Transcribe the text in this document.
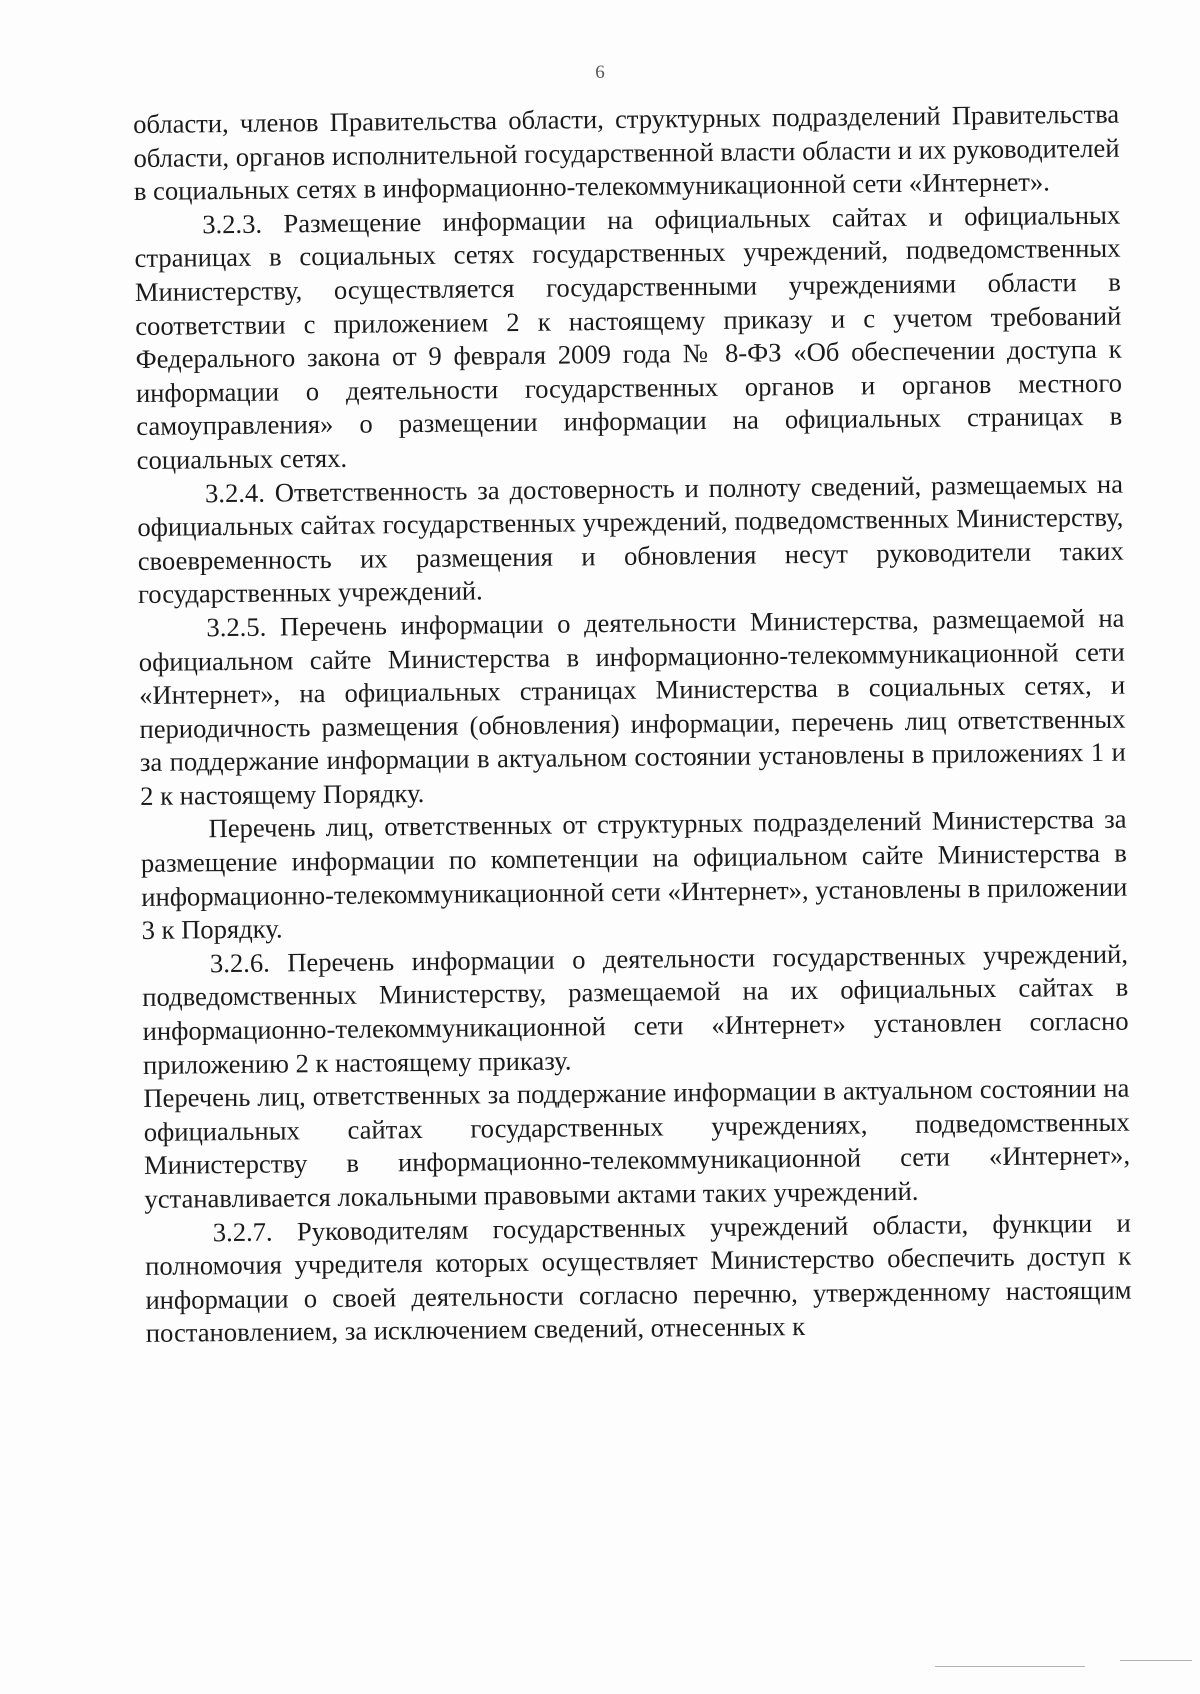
6

области, членов Правительства области, структурных подразделений Правительства области, органов исполнительной государственной власти области и их руководителей в социальных сетях в информационно-телекоммуникационной сети «Интернет».

3.2.3. Размещение информации на официальных сайтах и официальных страницах в социальных сетях государственных учреждений, подведомственных Министерству, осуществляется государственными учреждениями области в соответствии с приложением 2 к настоящему приказу и с учетом требований Федерального закона от 9 февраля 2009 года № 8-ФЗ «Об обеспечении доступа к информации о деятельности государственных органов и органов местного самоуправления» о размещении информации на официальных страницах в социальных сетях.

3.2.4. Ответственность за достоверность и полноту сведений, размещаемых на официальных сайтах государственных учреждений, подведомственных Министерству, своевременность их размещения и обновления несут руководители таких государственных учреждений.

3.2.5. Перечень информации о деятельности Министерства, размещаемой на официальном сайте Министерства в информационно-телекоммуникационной сети «Интернет», на официальных страницах Министерства в социальных сетях, и периодичность размещения (обновления) информации, перечень лиц ответственных за поддержание информации в актуальном состоянии установлены в приложениях 1 и 2 к настоящему Порядку.

Перечень лиц, ответственных от структурных подразделений Министерства за размещение информации по компетенции на официальном сайте Министерства в информационно-телекоммуникационной сети «Интернет», установлены в приложении 3 к Порядку.

3.2.6. Перечень информации о деятельности государственных учреждений, подведомственных Министерству, размещаемой на их официальных сайтах в информационно-телекоммуникационной сети «Интернет» установлен согласно приложению 2 к настоящему приказу.

Перечень лиц, ответственных за поддержание информации в актуальном состоянии на официальных сайтах государственных учреждениях, подведомственных Министерству в информационно-телекоммуникационной сети «Интернет», устанавливается локальными правовыми актами таких учреждений.

3.2.7. Руководителям государственных учреждений области, функции и полномочия учредителя которых осуществляет Министерство обеспечить доступ к информации о своей деятельности согласно перечню, утвержденному настоящим постановлением, за исключением сведений, отнесенных к
